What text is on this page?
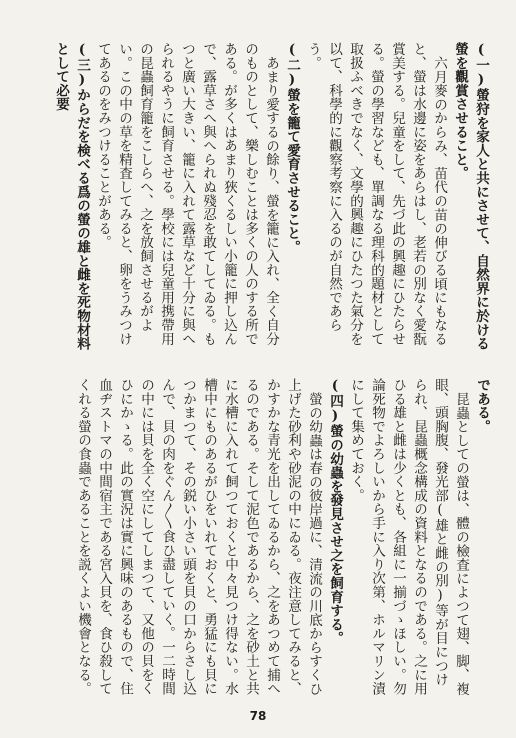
(一)螢狩を家人と共にさせて、自然界に於ける螢を觀賞させること。

六月麥のからみ、苗代の苗の伸びる頃にもなると、螢は水邊に姿をあらはし、老若の別なく愛翫賞美する。兒童をして、先づ此の興趣にひたらせる。螢の學習なども、單調なる理科的題材として取扱ふべきでなく、文學的興趣にひたつた氣分を以て、科學的に觀察考察に入るのが自然であらう。

(二)螢を籠て愛育させること。

あまり愛するの餘り、螢を籠に入れ、全く自分のものとして、樂しむことは多くの人のする所である。が多くはあまり狹くるしい小籠に押し込んで、露草さへ與へられぬ殘忍を敢てしてゐる。もつと廣い大きい、籠に入れて露草など十分に與へられるやうに飼育させる。學校には兒童用携帶用の昆蟲飼育籠をこしらへ、之を放飼させるがよい。この中の草を精査してみると、卵をうみつけてあるのをみつけることがある。

(三)からだを検べる爲の螢の雄と雌を死物材料として必要

である。

昆蟲としての螢は、體の檢査によつて翅、脚、複眼、頭胸腹、發光部(雄と雌の別)等が目につけられ、昆蟲概念構成の資料となるのである。之に用ひる雄と雌は少くとも、各組に一揃づゝほしい。勿論死物でよろしいから手に入り次第、ホルマリン漬にして集めておく。

(四)螢の幼蟲を發見させ之を飼育する。

螢の幼蟲は春の彼岸過に、清流の川底からすくひ上げた砂利や砂泥の中にゐる。夜注意してみると、かすかな青光を出してゐるから、之をあつめて捕へるのである。そして泥色であるから、之を砂土と共に水槽に入れて飼つておくと中々見つけ得ない。水槽中にものあるがひをいれておくと、勇猛にも貝につかまつて、その鋭い小さい頭を貝の口からさし込んで、貝の肉をぐん〳〵食ひ盡していく。一二時間の中には貝を全く空にしてしまつて、又他の貝をくひにかゝる。此の實況は實に興味のあるもので、住血ヂストマの中間宿主である宮入貝を、食ひ殺してくれる螢の食蟲であることを説くよい機會となる。

78
